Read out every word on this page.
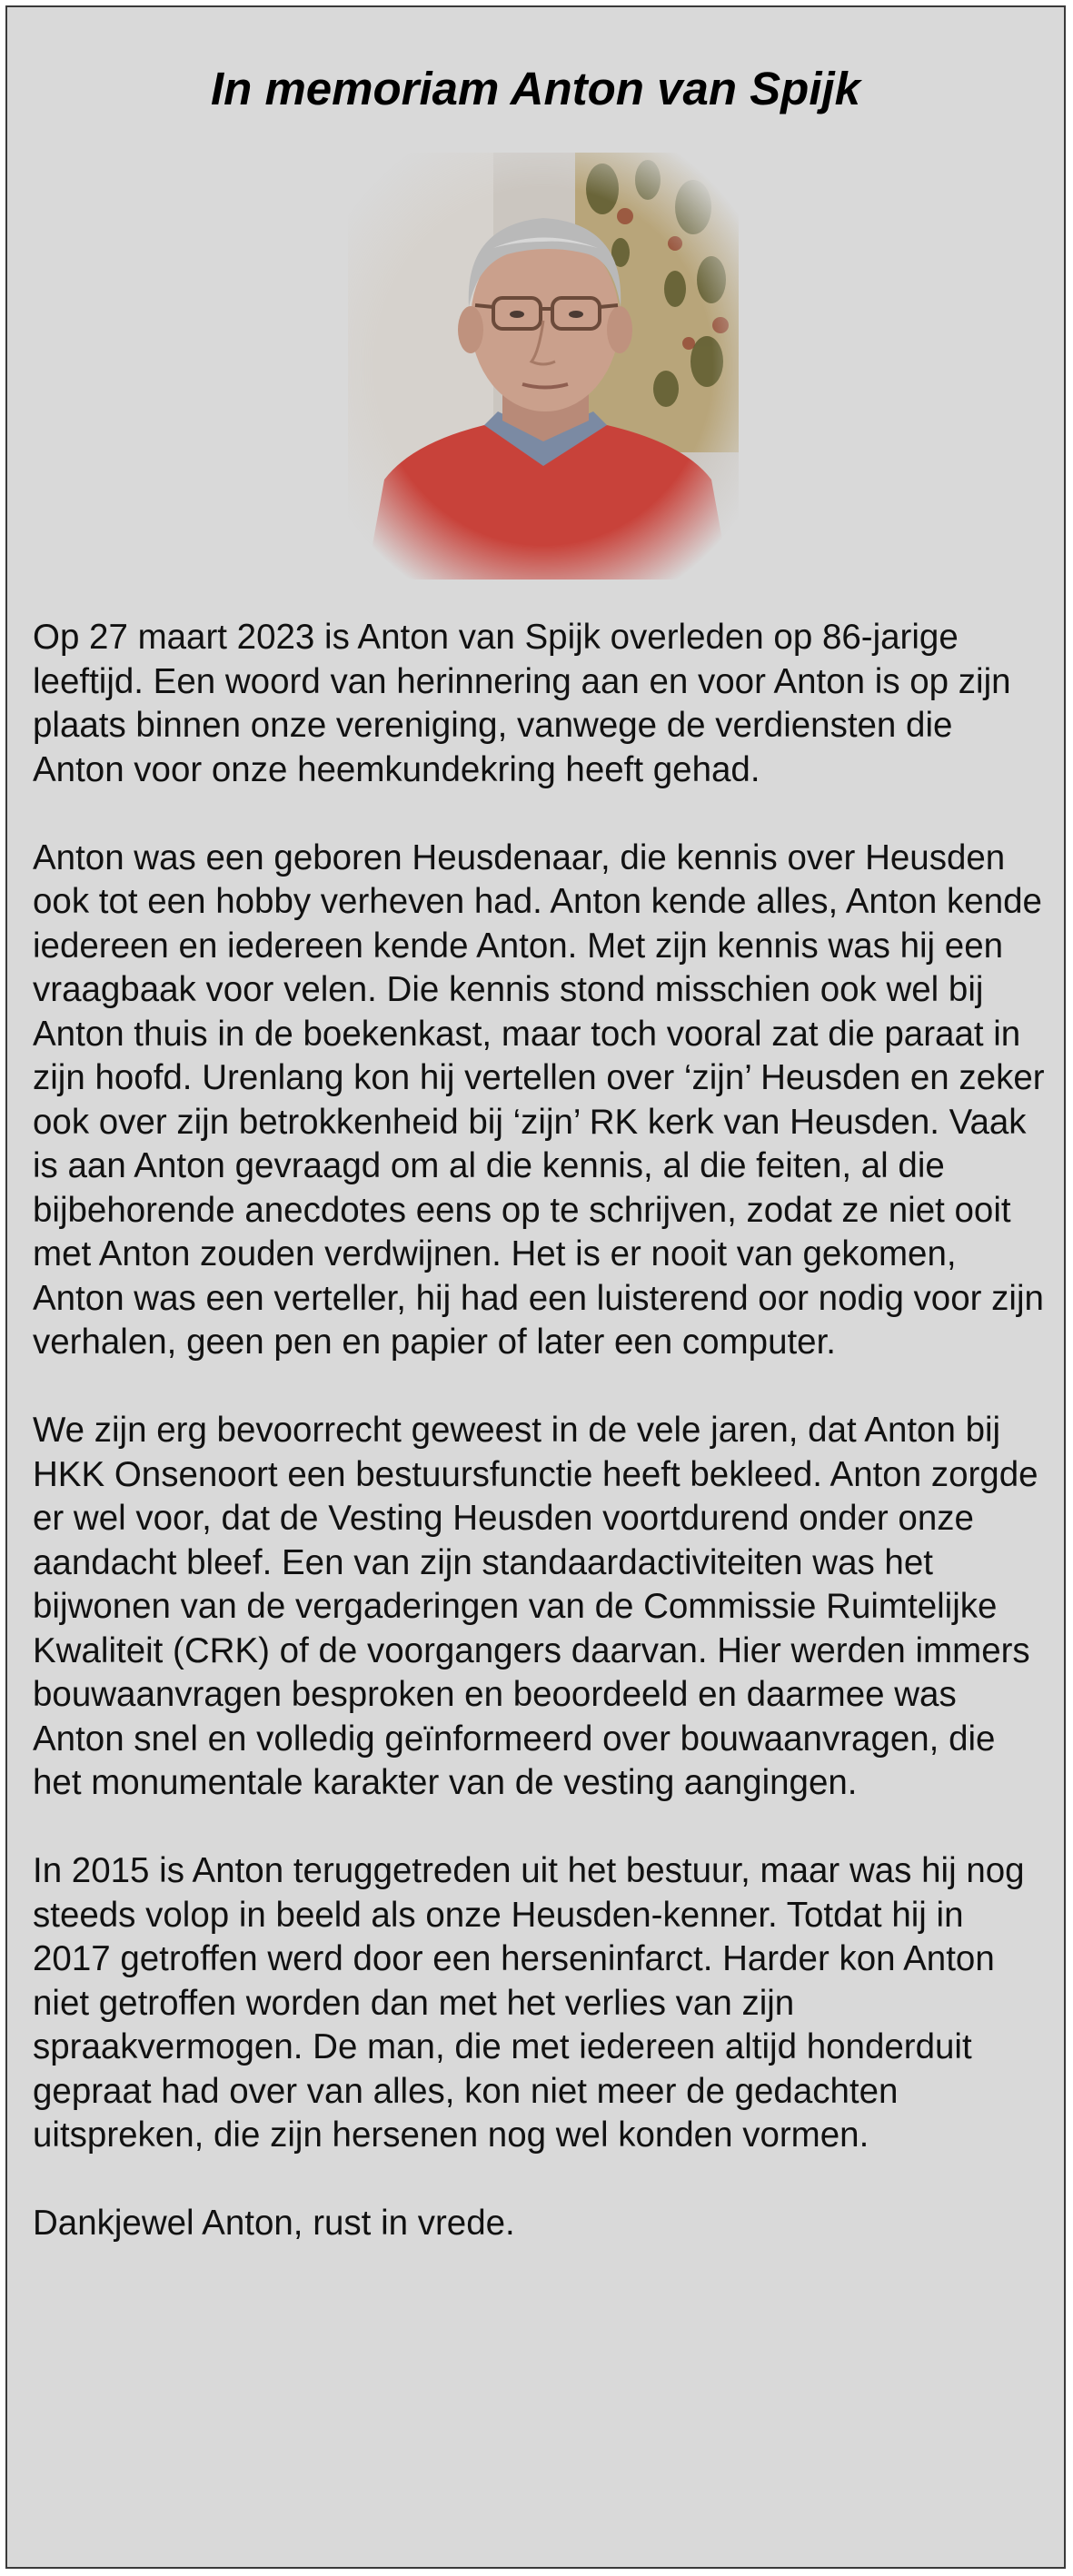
In memoriam Anton van Spijk

Op 27 maart 2023 is Anton van Spijk overleden op 86-jarige leeftijd. Een woord van herinnering aan en voor Anton is op zijn plaats binnen onze vereniging, vanwege de verdiensten die Anton voor onze heemkundekring heeft gehad.

Anton was een geboren Heusdenaar, die kennis over Heusden ook tot een hobby verheven had. Anton kende alles, Anton kende iedereen en iedereen kende Anton. Met zijn kennis was hij een vraagbaak voor velen. Die kennis stond misschien ook wel bij Anton thuis in de boekenkast, maar toch vooral zat die paraat in zijn hoofd. Urenlang kon hij vertellen over ‘zijn’ Heusden en zeker ook over zijn betrokkenheid bij ‘zijn’ RK kerk van Heusden. Vaak is aan Anton gevraagd om al die kennis, al die feiten, al die bijbehorende anecdotes eens op te schrijven, zodat ze niet ooit met Anton zouden verdwijnen. Het is er nooit van gekomen, Anton was een verteller, hij had een luisterend oor nodig voor zijn verhalen, geen pen en papier of later een computer.

We zijn erg bevoorrecht geweest in de vele jaren, dat Anton bij HKK Onsenoort een bestuursfunctie heeft bekleed. Anton zorgde er wel voor, dat de Vesting Heusden voortdurend onder onze aandacht bleef. Een van zijn standaardactiviteiten was het bijwonen van de vergaderingen van de Commissie Ruimtelijke Kwaliteit (CRK) of de voorgangers daarvan. Hier werden immers bouwaanvragen besproken en beoordeeld en daarmee was Anton snel en volledig geïnformeerd over bouwaanvragen, die het monumentale karakter van de vesting aangingen.

In 2015 is Anton teruggetreden uit het bestuur, maar was hij nog steeds volop in beeld als onze Heusden-kenner. Totdat hij in 2017 getroffen werd door een herseninfarct. Harder kon Anton niet getroffen worden dan met het verlies van zijn spraakvermogen. De man, die met iedereen altijd honderduit gepraat had over van alles, kon niet meer de gedachten uitspreken, die zijn hersenen nog wel konden vormen.

Dankjewel Anton, rust in vrede.
